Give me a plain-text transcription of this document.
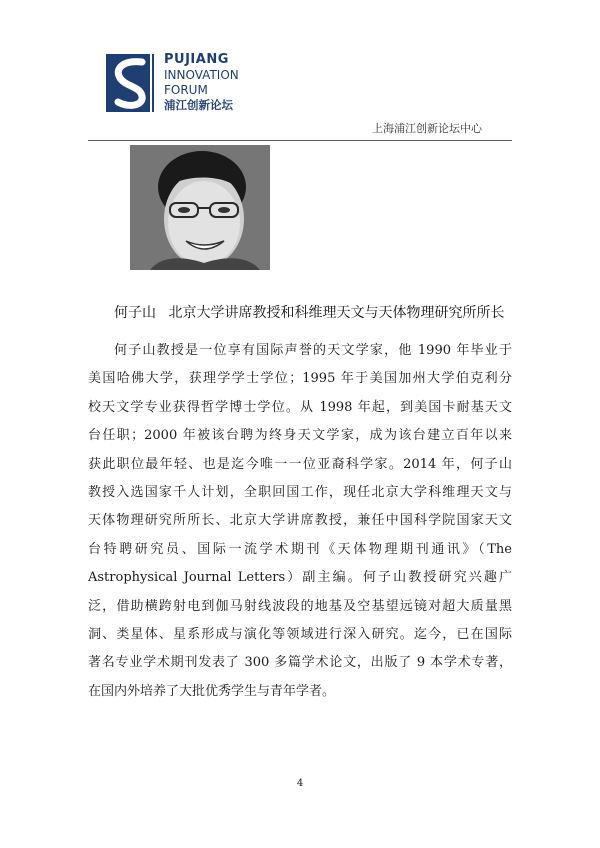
PUJIANG
INNOVATION
FORUM
浦江创新论坛
上海浦江创新论坛中心
何子山 北京大学讲席教授和科维理天文与天体物理研究所所长
何子山教授是一位享有国际声誉的天文学家，他 1990 年毕业于
美国哈佛大学，获理学学士学位；1995 年于美国加州大学伯克利分
校天文学专业获得哲学博士学位。从 1998 年起，到美国卡耐基天文
台任职；2000 年被该台聘为终身天文学家，成为该台建立百年以来
获此职位最年轻、也是迄今唯一一位亚裔科学家。2014 年，何子山
教授入选国家千人计划，全职回国工作，现任北京大学科维理天文与
天体物理研究所所长、北京大学讲席教授，兼任中国科学院国家天文
台特聘研究员、国际一流学术期刊《天体物理期刊通讯》（The
Astrophysical Journal Letters）副主编。何子山教授研究兴趣广
泛，借助横跨射电到伽马射线波段的地基及空基望远镜对超大质量黑
洞、类星体、星系形成与演化等领域进行深入研究。迄今，已在国际
著名专业学术期刊发表了 300 多篇学术论文，出版了 9 本学术专著，
在国内外培养了大批优秀学生与青年学者。
4
